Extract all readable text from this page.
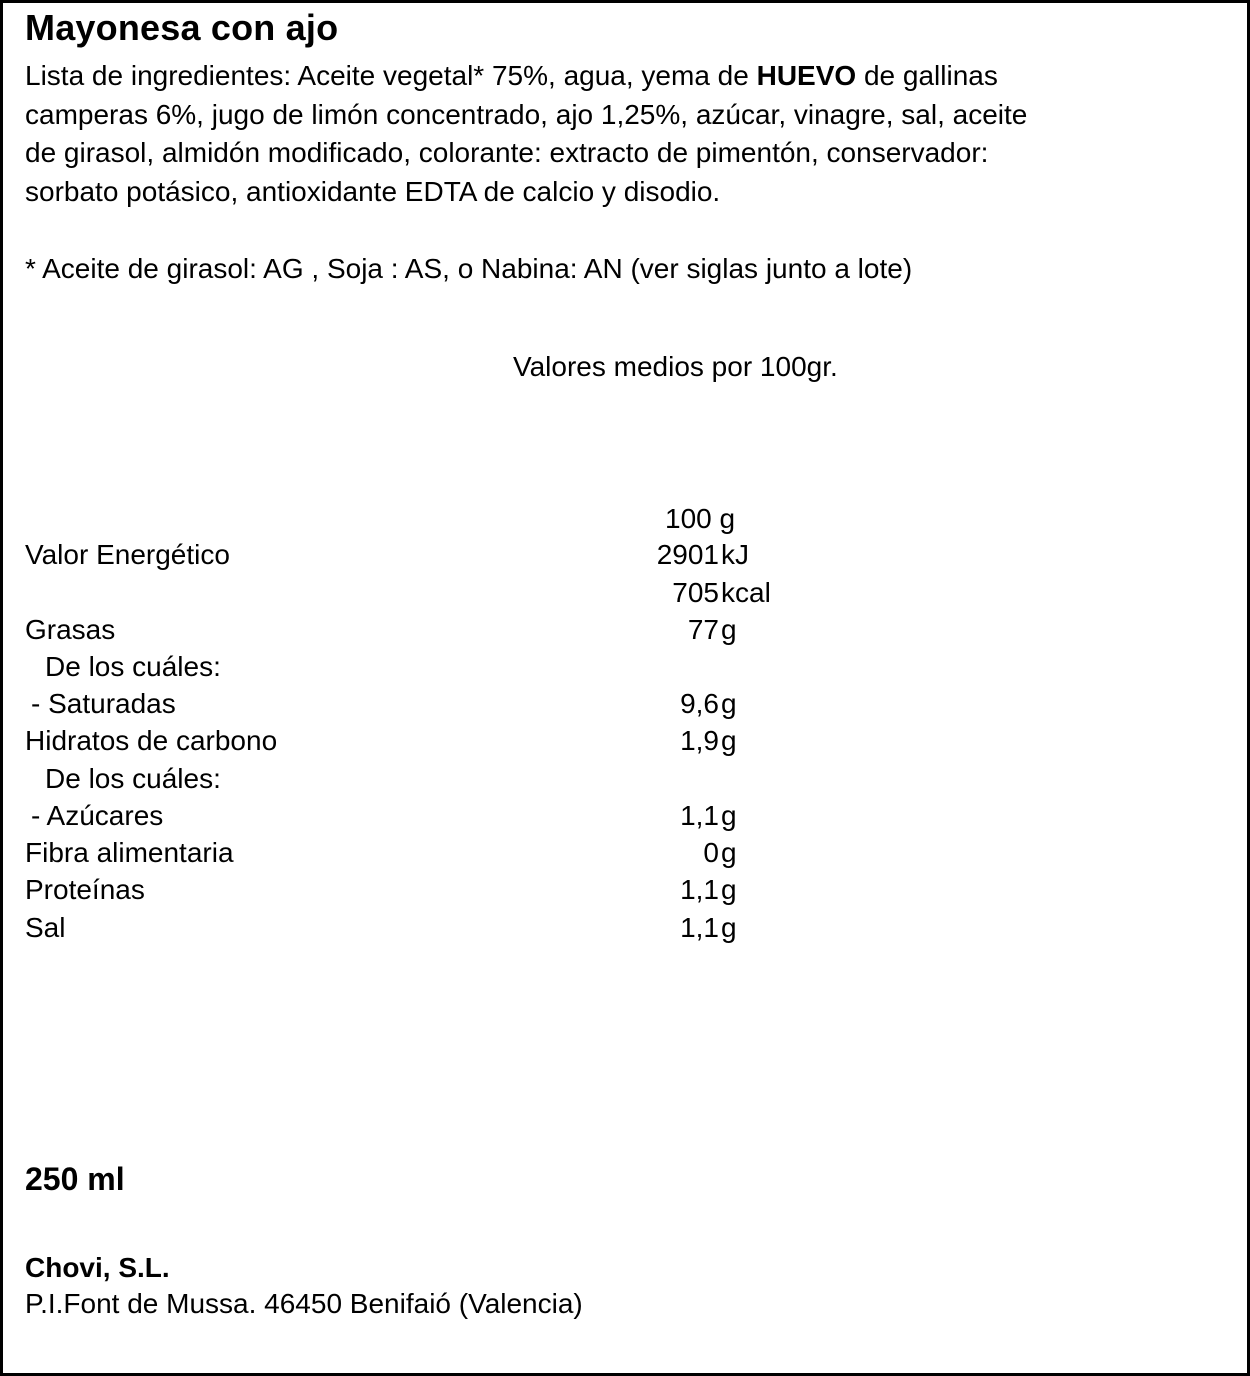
Mayonesa con ajo
Lista de ingredientes: Aceite vegetal* 75%, agua, yema de HUEVO de gallinas
camperas 6%, jugo de limón concentrado, ajo 1,25%, azúcar, vinagre, sal, aceite
de girasol, almidón modificado, colorante: extracto de pimentón, conservador:
sorbato potásico, antioxidante EDTA de calcio y disodio.
* Aceite de girasol: AG , Soja : AS, o Nabina: AN (ver siglas junto a lote)
Valores medios por 100gr.
100 g
Valor Energético	2901 kJ
705 kcal
Grasas	77 g
De los cuáles:
- Saturadas	9,6 g
Hidratos de carbono	1,9 g
De los cuáles:
- Azúcares	1,1 g
Fibra alimentaria	0 g
Proteínas	1,1 g
Sal	1,1 g
250 ml
Chovi, S.L.
P.I.Font de Mussa. 46450 Benifaió (Valencia)
